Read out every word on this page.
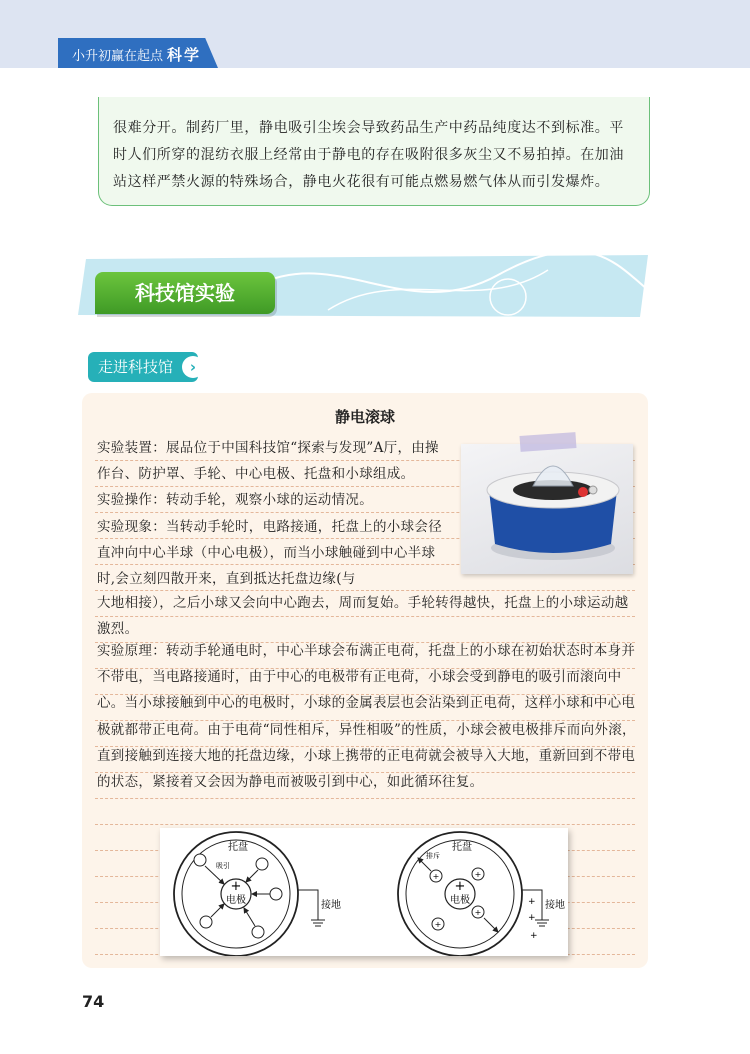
小升初赢在起点 科学

很难分开。制药厂里，静电吸引尘埃会导致药品生产中药品纯度达不到标准。平时人们所穿的混纺衣服上经常由于静电的存在吸附很多灰尘又不易拍掉。在加油站这样严禁火源的特殊场合，静电火花很有可能点燃易燃气体从而引发爆炸。

科技馆实验
走进科技馆	›
静电滚球

实验装置：展品位于中国科技馆“探索与发现”A厅，由操作台、防护罩、手轮、中心电极、托盘和小球组成。

实验操作：转动手轮，观察小球的运动情况。

实验现象：当转动手轮时，电路接通，托盘上的小球会径直冲向中心半球（中心电极），而当小球触碰到中心半球时,会立刻四散开来，直到抵达托盘边缘(与

大地相接），之后小球又会向中心跑去，周而复始。手轮转得越快，托盘上的小球运动越激烈。

实验原理：转动手轮通电时，中心半球会布满正电荷，托盘上的小球在初始状态时本身并不带电，当电路接通时，由于中心的电极带有正电荷，小球会受到静电的吸引而滚向中心。当小球接触到中心的电极时，小球的金属表层也会沾染到正电荷，这样小球和中心电极就都带正电荷。由于电荷“同性相斥，异性相吸”的性质，小球会被电极排斥而向外滚，直到接触到连接大地的托盘边缘，小球上携带的正电荷就会被导入大地，重新回到不带电的状态，紧接着又会因为静电而被吸引到中心，如此循环往复。

+
电极
托盘
吸引
接地
+
电极
托盘
+	+
+
+
排斥
+
+
+
接地
74
